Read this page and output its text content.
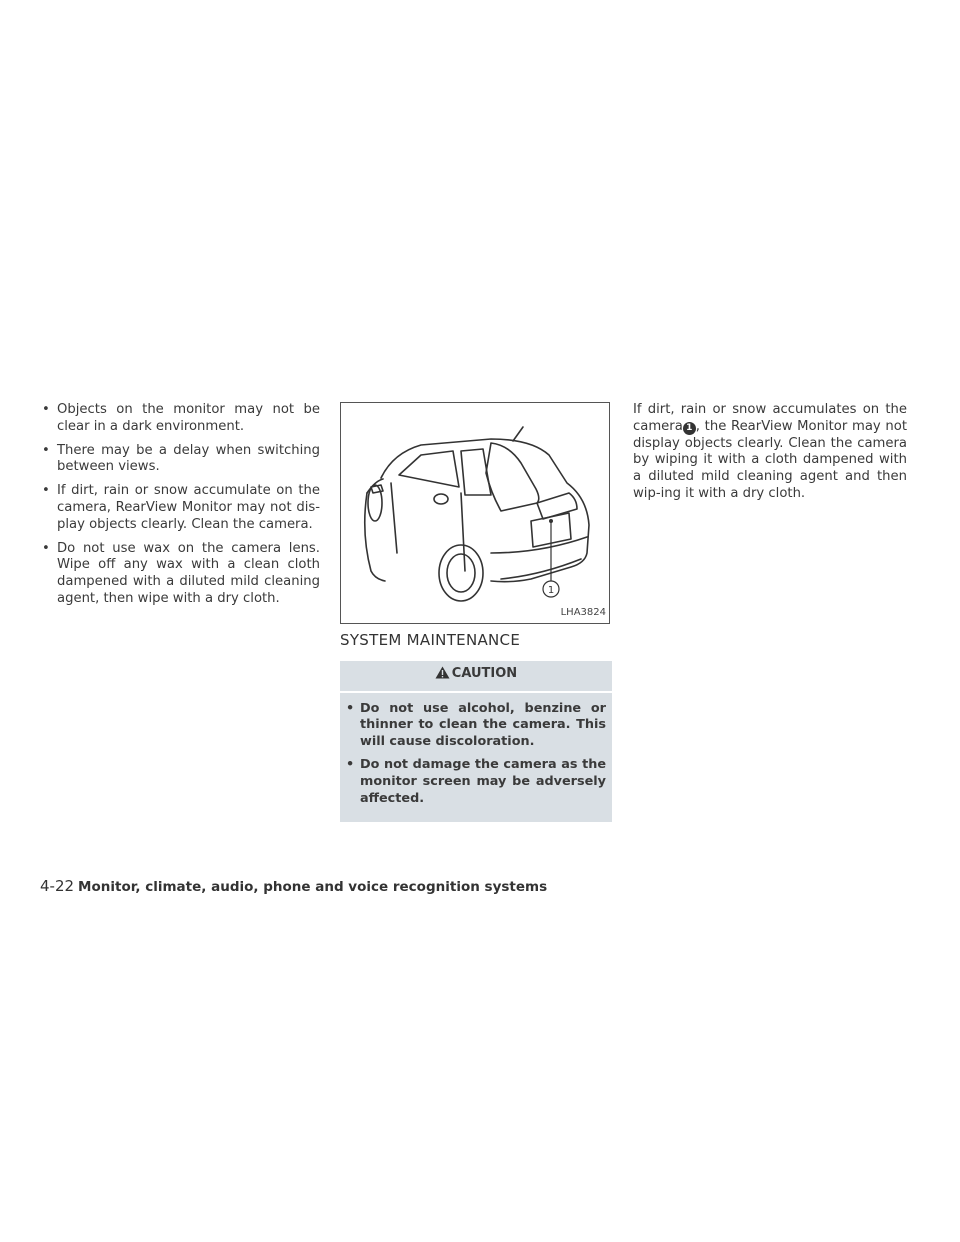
• Objects on the monitor may not be clear in a dark environment.
• There may be a delay when switching between views.
• If dirt, rain or snow accumulate on the camera, RearView Monitor may not dis-play objects clearly. Clean the camera.
• Do not use wax on the camera lens. Wipe off any wax with a clean cloth dampened with a diluted mild cleaning agent, then wipe with a dry cloth.
1
LHA3824
SYSTEM MAINTENANCE
CAUTION
• Do not use alcohol, benzine or thinner to clean the camera. This will cause discoloration.
• Do not damage the camera as the monitor screen may be adversely affected.

If dirt, rain or snow accumulates on the camera 1 , the RearView Monitor may not display objects clearly. Clean the camera by wiping it with a cloth dampened with a diluted mild cleaning agent and then wip-ing it with a dry cloth.

4-22 Monitor, climate, audio, phone and voice recognition systems
